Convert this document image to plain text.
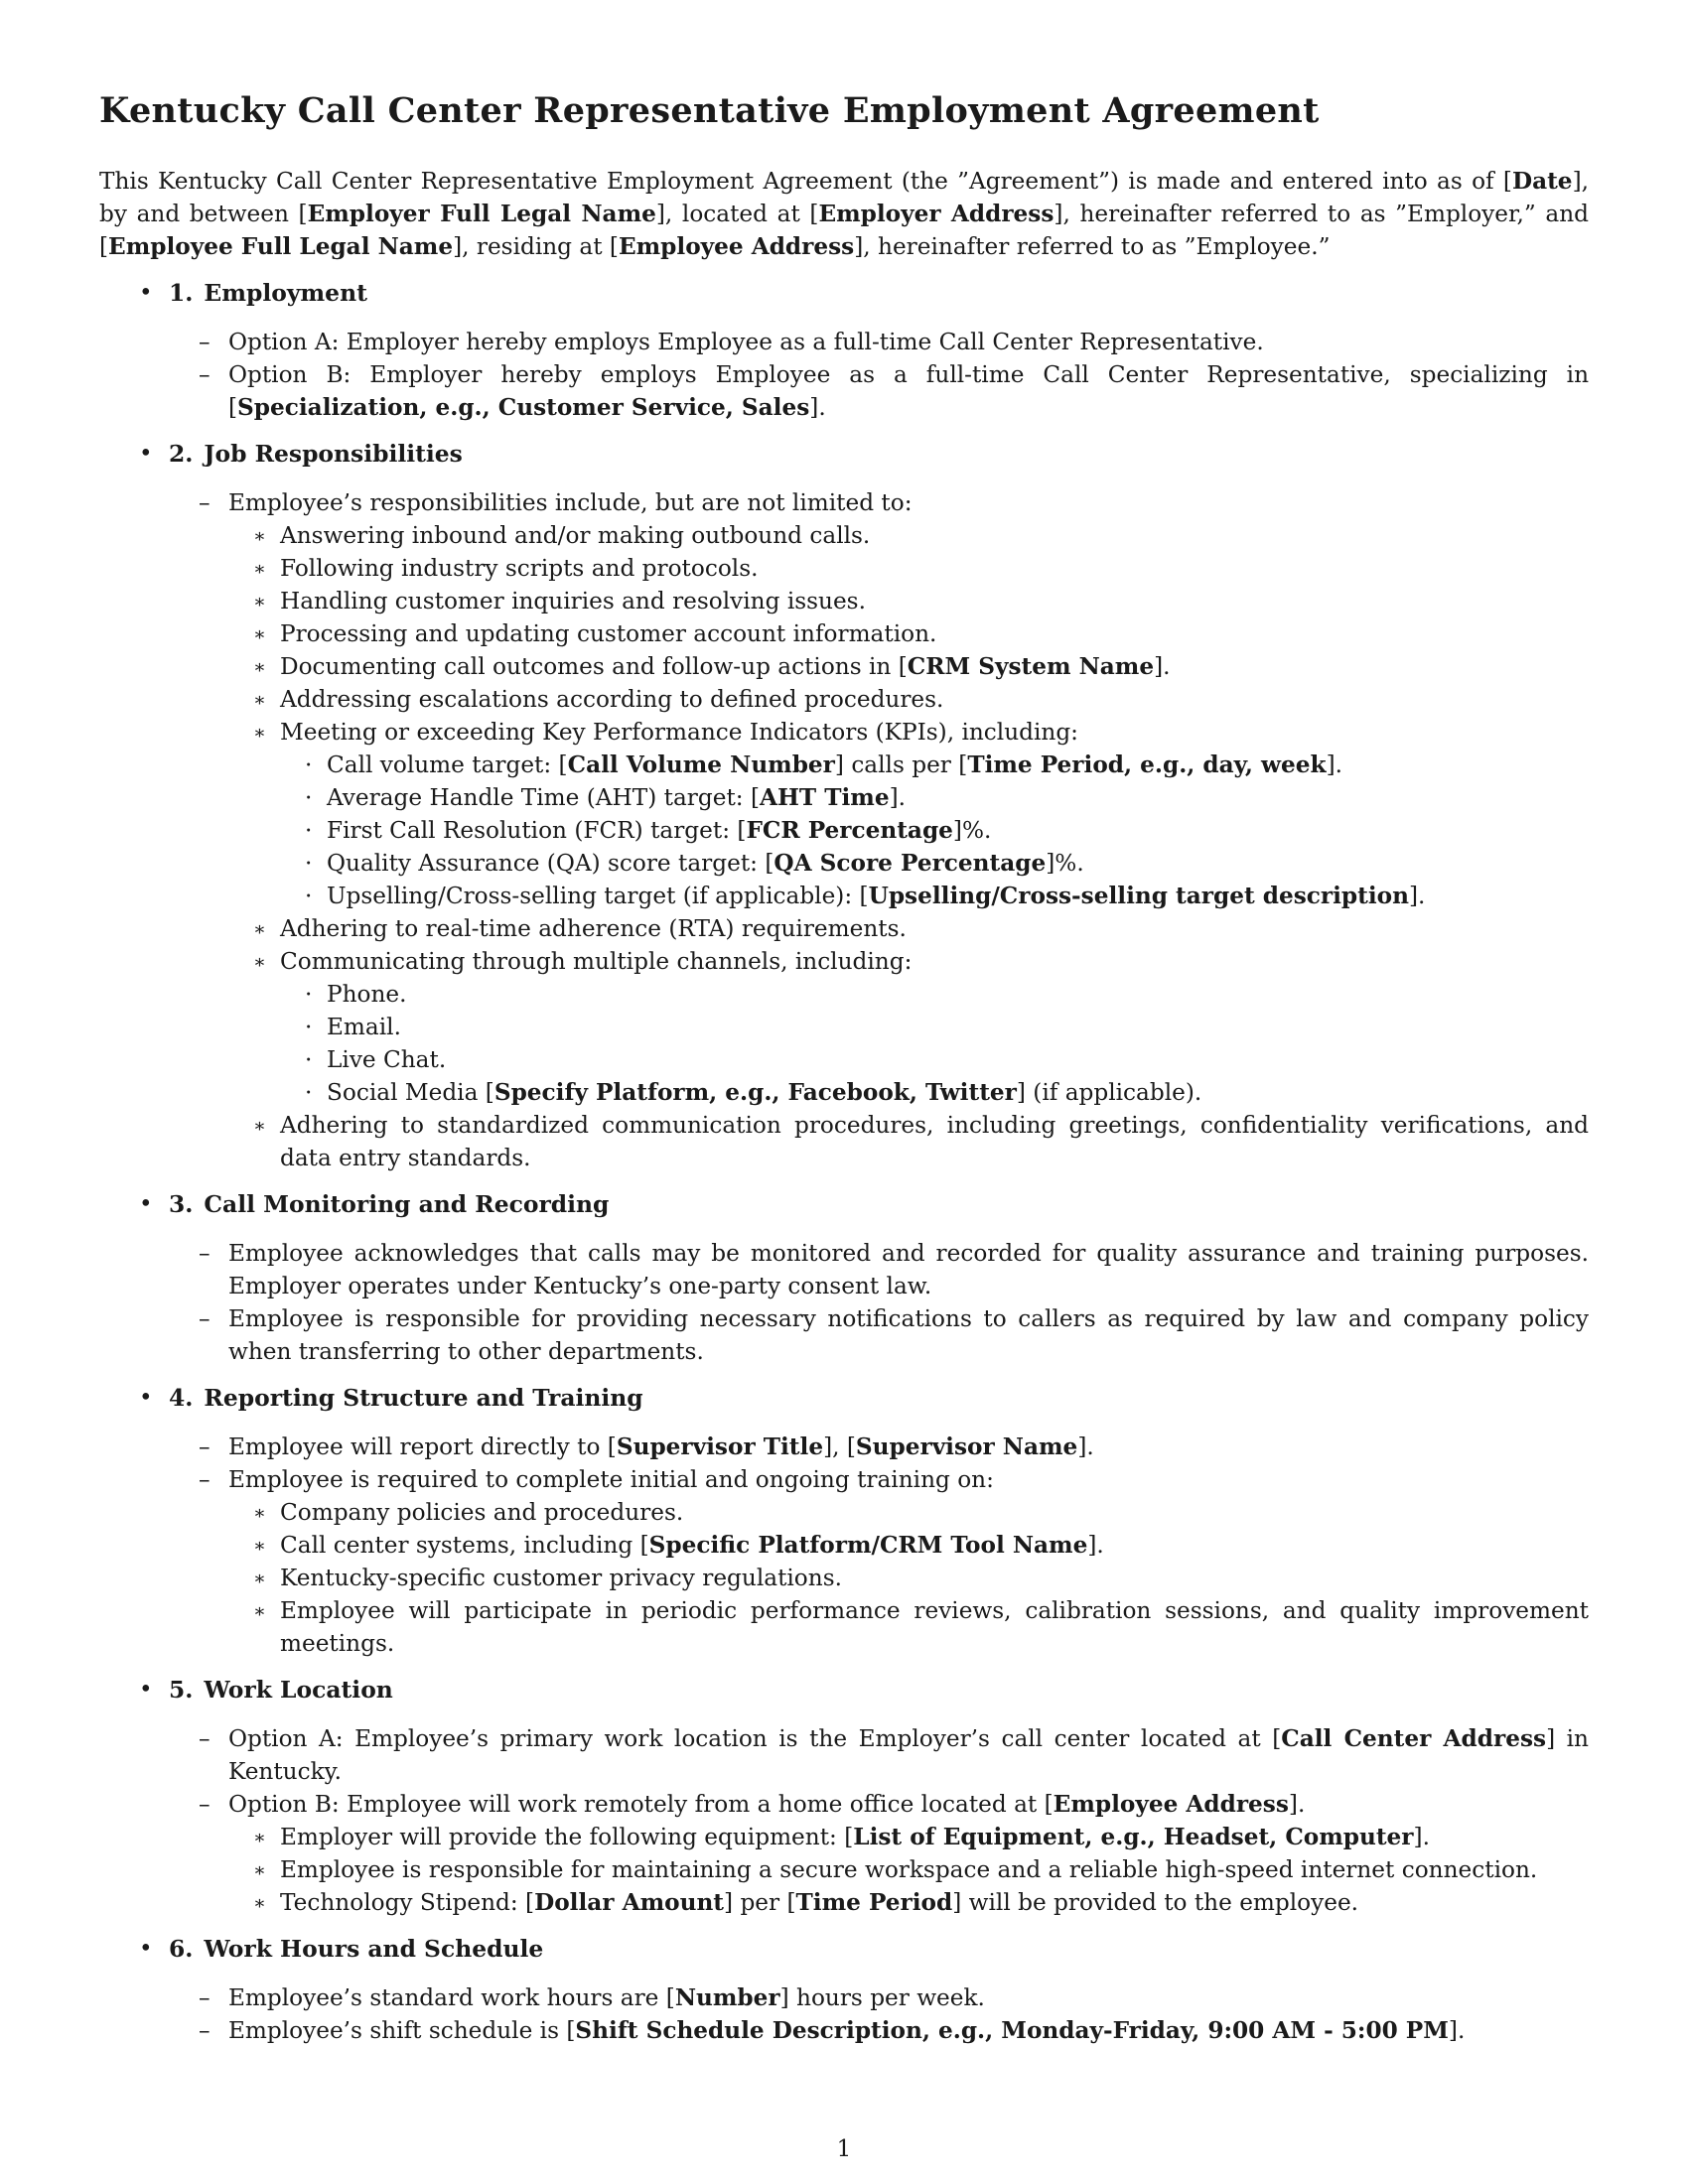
Kentucky Call Center Representative Employment Agreement

This Kentucky Call Center Representative Employment Agreement (the ”Agreement”) is made and entered into as of [Date], by and between [Employer Full Legal Name], located at [Employer Address], hereinafter referred to as ”Employer,” and [Employee Full Legal Name], residing at [Employee Address], hereinafter referred to as ”Employee.”

• 1. Employment
– Option A: Employer hereby employs Employee as a full-time Call Center Representative.
– Option B: Employer hereby employs Employee as a full-time Call Center Representative, specializing in [Specialization, e.g., Customer Service, Sales].
• 2. Job Responsibilities
– Employee’s responsibilities include, but are not limited to:
∗ Answering inbound and/or making outbound calls.
∗ Following industry scripts and protocols.
∗ Handling customer inquiries and resolving issues.
∗ Processing and updating customer account information.
∗ Documenting call outcomes and follow-up actions in [CRM System Name].
∗ Addressing escalations according to defined procedures.
∗ Meeting or exceeding Key Performance Indicators (KPIs), including:
· Call volume target: [Call Volume Number] calls per [Time Period, e.g., day, week].
· Average Handle Time (AHT) target: [AHT Time].
· First Call Resolution (FCR) target: [FCR Percentage]%.
· Quality Assurance (QA) score target: [QA Score Percentage]%.
· Upselling/Cross-selling target (if applicable): [Upselling/Cross-selling target description].
∗ Adhering to real-time adherence (RTA) requirements.
∗ Communicating through multiple channels, including:
· Phone.
· Email.
· Live Chat.
· Social Media [Specify Platform, e.g., Facebook, Twitter] (if applicable).
∗ Adhering to standardized communication procedures, including greetings, confidentiality verifications, and data entry standards.
• 3. Call Monitoring and Recording
– Employee acknowledges that calls may be monitored and recorded for quality assurance and training purposes. Employer operates under Kentucky’s one-party consent law.
– Employee is responsible for providing necessary notifications to callers as required by law and company policy when transferring to other departments.
• 4. Reporting Structure and Training
– Employee will report directly to [Supervisor Title], [Supervisor Name].
– Employee is required to complete initial and ongoing training on:
∗ Company policies and procedures.
∗ Call center systems, including [Specific Platform/CRM Tool Name].
∗ Kentucky-specific customer privacy regulations.
∗ Employee will participate in periodic performance reviews, calibration sessions, and quality improvement meetings.
• 5. Work Location
– Option A: Employee’s primary work location is the Employer’s call center located at [Call Center Address] in Kentucky.
– Option B: Employee will work remotely from a home office located at [Employee Address].
∗ Employer will provide the following equipment: [List of Equipment, e.g., Headset, Computer].
∗ Employee is responsible for maintaining a secure workspace and a reliable high-speed internet connection.
∗ Technology Stipend: [Dollar Amount] per [Time Period] will be provided to the employee.
• 6. Work Hours and Schedule
– Employee’s standard work hours are [Number] hours per week.
– Employee’s shift schedule is [Shift Schedule Description, e.g., Monday-Friday, 9:00 AM - 5:00 PM].
1
